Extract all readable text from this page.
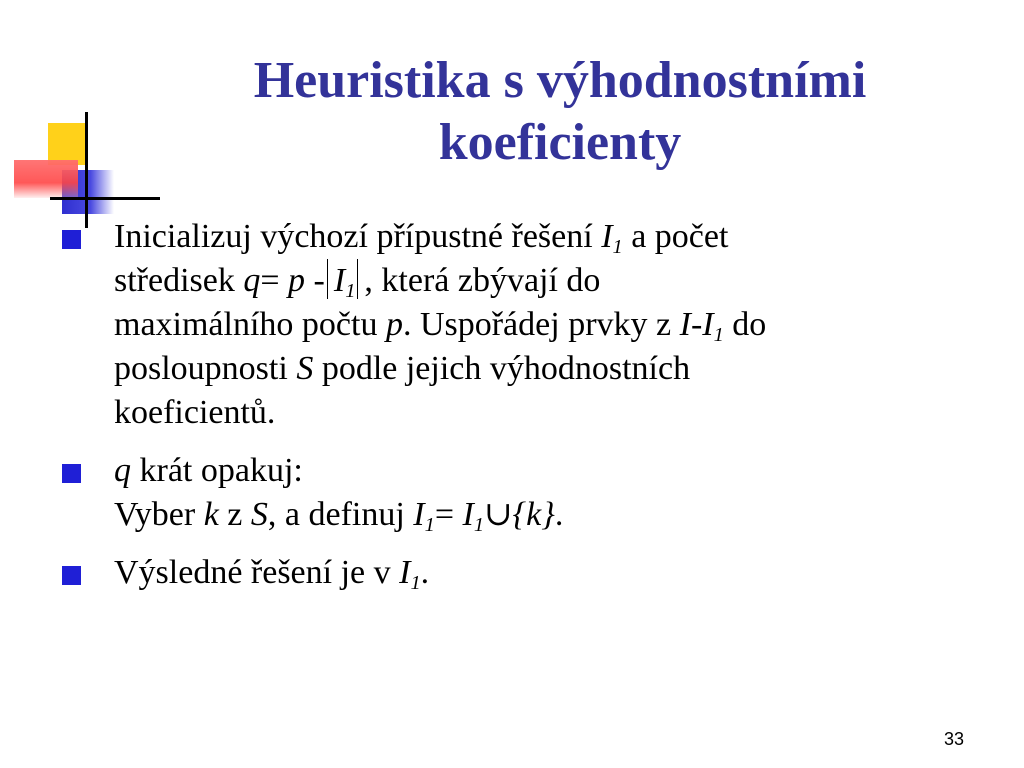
Heuristika s výhodnostními
koeficienty
Inicializuj výchozí přípustné řešení $I_1$ a počet
středisek $q= p - I_1$ , která zbývají do
maximálního počtu p. Uspořádej prvky z $I-I_1$ do
posloupnosti S podle jejich výhodnostních
koeficientů.
q krát opakuj:
Vyber k z S, a definuj $I_1=$ $I_1\cup\{k\}$.
Výsledné řešení je v $I_1$.
33
